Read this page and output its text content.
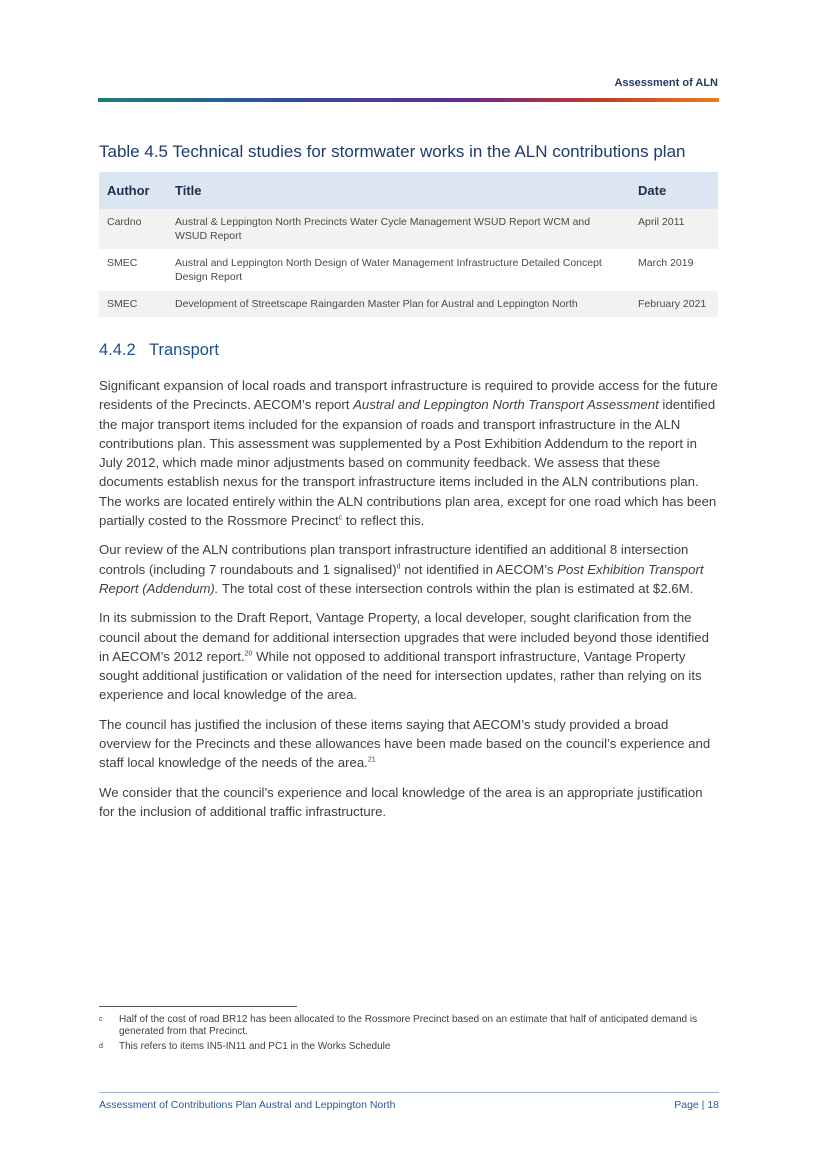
Assessment of ALN
Table 4.5 Technical studies for stormwater works in the ALN contributions plan
Author	Title	Date
Cardno	Austral & Leppington North Precincts Water Cycle Management WSUD Report WCM and WSUD Report	April 2011
SMEC	Austral and Leppington North Design of Water Management Infrastructure Detailed Concept Design Report	March 2019
SMEC	Development of Streetscape Raingarden Master Plan for Austral and Leppington North	February 2021
4.4.2 Transport

Significant expansion of local roads and transport infrastructure is required to provide access for the future residents of the Precincts. AECOM’s report Austral and Leppington North Transport Assessment identified the major transport items included for the expansion of roads and transport infrastructure in the ALN contributions plan. This assessment was supplemented by a Post Exhibition Addendum to the report in July 2012, which made minor adjustments based on community feedback. We assess that these documents establish nexus for the transport infrastructure items included in the ALN contributions plan. The works are located entirely within the ALN contributions plan area, except for one road which has been partially costed to the Rossmore Precinct$^c$ to reflect this.

Our review of the ALN contributions plan transport infrastructure identified an additional 8 intersection controls (including 7 roundabouts and 1 signalised)$^d$ not identified in AECOM’s Post Exhibition Transport Report (Addendum). The total cost of these intersection controls within the plan is estimated at $2.6M.

In its submission to the Draft Report, Vantage Property, a local developer, sought clarification from the council about the demand for additional intersection upgrades that were included beyond those identified in AECOM’s 2012 report.$^{20}$ While not opposed to additional transport infrastructure, Vantage Property sought additional justification or validation of the need for intersection updates, rather than relying on its experience and local knowledge of the area.

The council has justified the inclusion of these items saying that AECOM’s study provided a broad overview for the Precincts and these allowances have been made based on the council’s experience and staff local knowledge of the needs of the area.$^{21}$

We consider that the council’s experience and local knowledge of the area is an appropriate justification for the inclusion of additional traffic infrastructure.

c	Half of the cost of road BR12 has been allocated to the Rossmore Precinct based on an estimate that half of anticipated demand is generated from that Precinct.
d	This refers to items IN5-IN11 and PC1 in the Works Schedule
Assessment of Contributions Plan Austral and Leppington North	Page | 18
